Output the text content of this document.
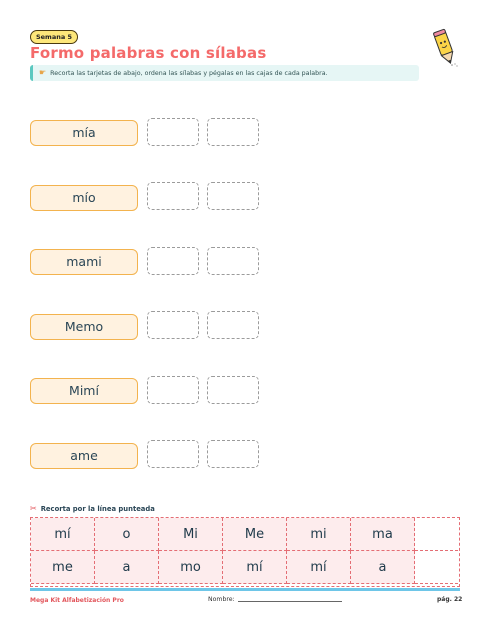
Semana 5
Formo palabras con sílabas
☛ Recorta las tarjetas de abajo, ordena las sílabas y pégalas en las cajas de cada palabra.
mía
mío
mami
Memo
Mimí
ame
✂ Recorta por la línea punteada
mí	o	Mi	Me	mi	ma
me	a	mo	mí	mí	a
Mega Kit Alfabetización Pro	Nombre:	pág. 22
